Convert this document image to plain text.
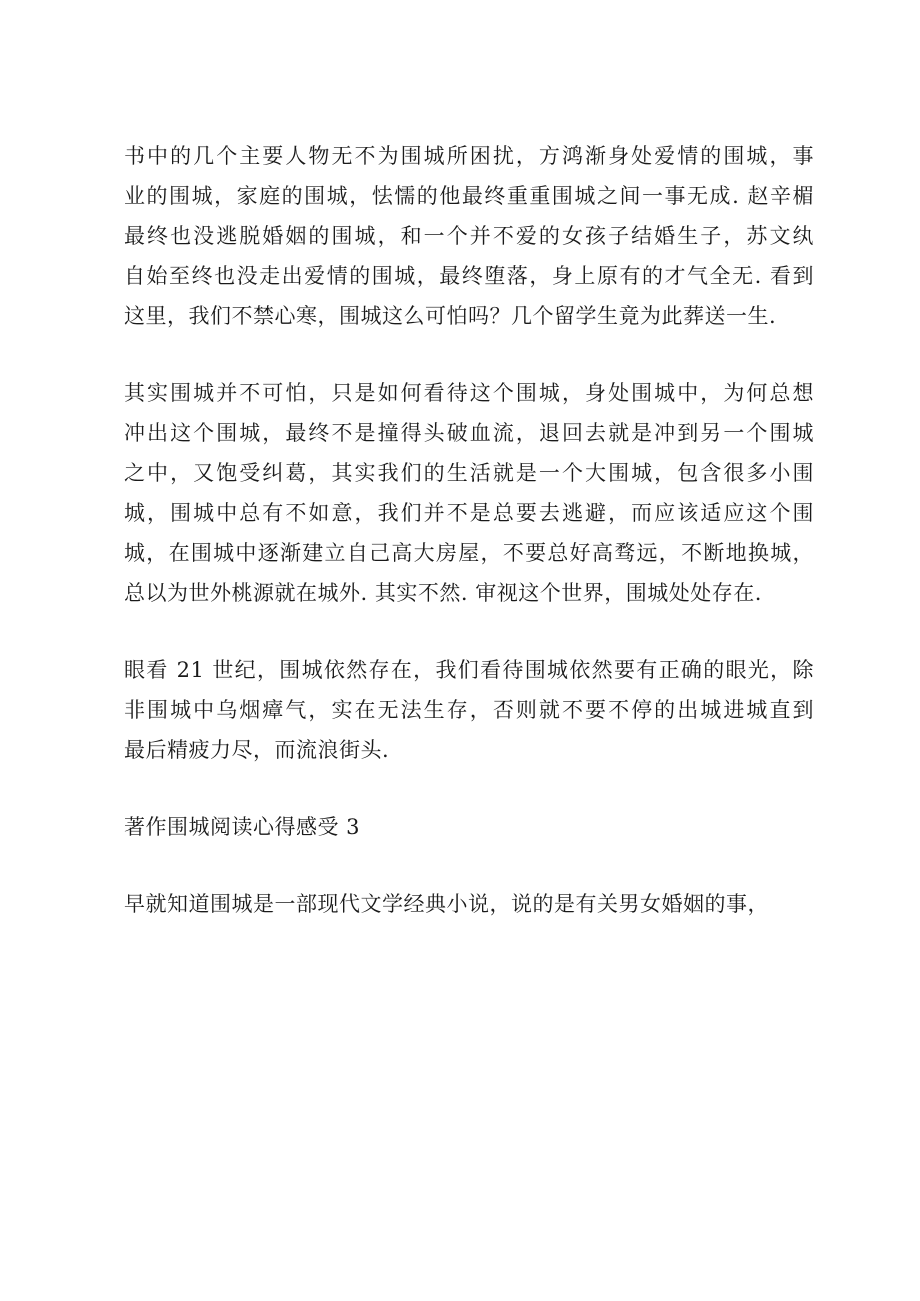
书中的几个主要人物无不为围城所困扰，方鸿渐身处爱情的围城，事
业的围城，家庭的围城，怯懦的他最终重重围城之间一事无成. 赵辛楣
最终也没逃脱婚姻的围城，和一个并不爱的女孩子结婚生子，苏文纨
自始至终也没走出爱情的围城，最终堕落，身上原有的才气全无. 看到
这里，我们不禁心寒，围城这么可怕吗？几个留学生竟为此葬送一生.
其实围城并不可怕，只是如何看待这个围城，身处围城中，为何总想
冲出这个围城，最终不是撞得头破血流，退回去就是冲到另一个围城
之中，又饱受纠葛，其实我们的生活就是一个大围城，包含很多小围
城，围城中总有不如意，我们并不是总要去逃避，而应该适应这个围
城，在围城中逐渐建立自己高大房屋，不要总好高骛远，不断地换城，
总以为世外桃源就在城外. 其实不然. 审视这个世界，围城处处存在.
眼看 21 世纪，围城依然存在，我们看待围城依然要有正确的眼光，除
非围城中乌烟瘴气，实在无法生存，否则就不要不停的出城进城直到
最后精疲力尽，而流浪街头.
著作围城阅读心得感受 3
早就知道围城是一部现代文学经典小说，说的是有关男女婚姻的事，
